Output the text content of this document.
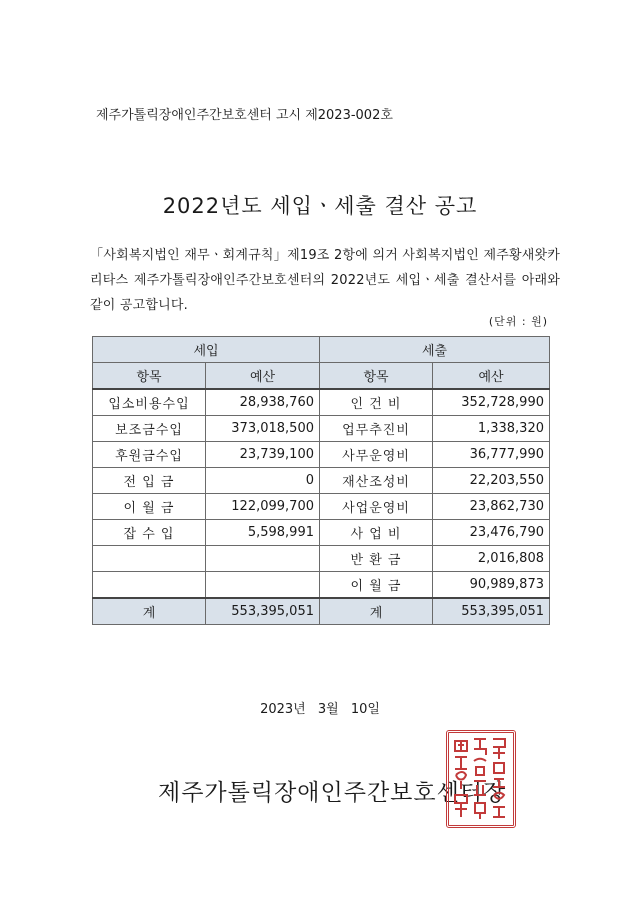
제주가톨릭장애인주간보호센터 고시 제2023-002호
2022년도 세입ㆍ세출 결산 공고
「사회복지법인 재무ㆍ회계규칙」제19조 2항에 의거 사회복지법인 제주황새왓카리타스 제주가톨릭장애인주간보호센터의 2022년도 세입ㆍ세출 결산서를 아래와 같이 공고합니다.
(단위 : 원)
세입		세출	
항목	예산	항목	예산
입소비용수입	28,938,760	인 건 비	352,728,990
보조금수입	373,018,500	업무추진비	1,338,320
후원금수입	23,739,100	사무운영비	36,777,990
전 입 금	0	재산조성비	22,203,550
이 월 금	122,099,700	사업운영비	23,862,730
잡 수 입	5,598,991	사 업 비	23,476,790
		반 환 금	2,016,808
		이 월 금	90,989,873
계	553,395,051	계	553,395,051
2023년 3월 10일
제주가톨릭장애인주간보호센터장
